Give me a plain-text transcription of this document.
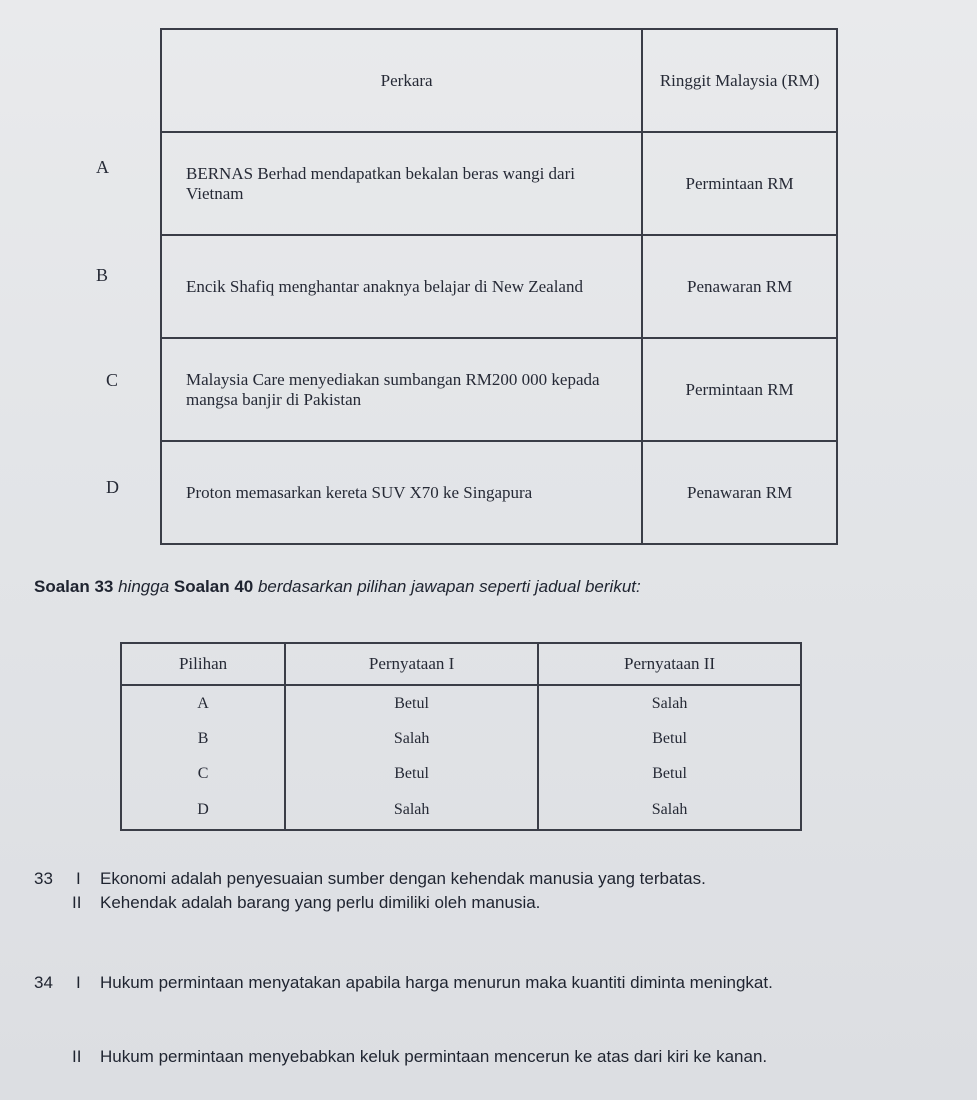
A
B
C
D
Perkara	Ringgit Malaysia (RM)
BERNAS Berhad mendapatkan bekalan beras wangi dari Vietnam	Permintaan RM
Encik Shafiq menghantar anaknya belajar di New Zealand	Penawaran RM
Malaysia Care menyediakan sumbangan RM200 000 kepada mangsa banjir di Pakistan	Permintaan RM
Proton memasarkan kereta SUV X70 ke Singapura	Penawaran RM

Soalan 33 hingga Soalan 40 berdasarkan pilihan jawapan seperti jadual berikut:

Pilihan	Pernyataan I	Pernyataan II
A	Betul	Salah
B	Salah	Betul
C	Betul	Betul
D	Salah	Salah
33 I Ekonomi adalah penyesuaian sumber dengan kehendak manusia yang terbatas.
II Kehendak adalah barang yang perlu dimiliki oleh manusia.
34 I Hukum permintaan menyatakan apabila harga menurun maka kuantiti diminta meningkat.
II Hukum permintaan menyebabkan keluk permintaan mencerun ke atas dari kiri ke kanan.
